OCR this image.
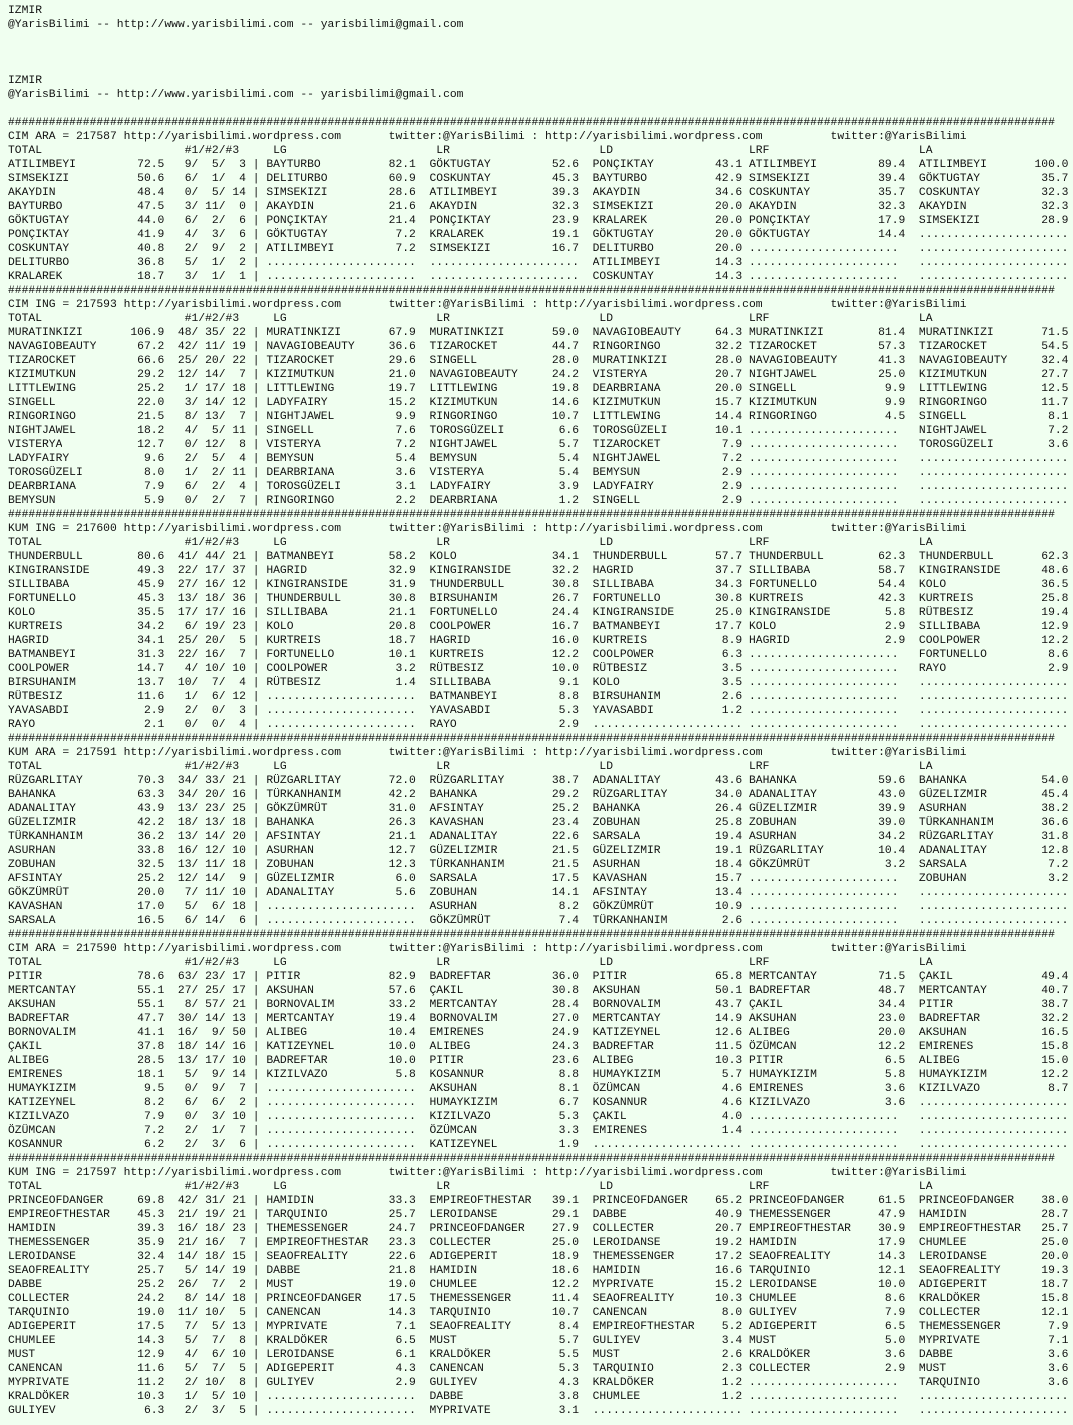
IZMIR
@YarisBilimi -- http://www.yarisbilimi.com -- yarisbilimi@gmail.com
IZMIR
@YarisBilimi -- http://www.yarisbilimi.com -- yarisbilimi@gmail.com
##########################################################################################################################################################
CIM ARA = 217587 http://yarisbilimi.wordpress.com	twitter:@YarisBilimi : http://yarisbilimi.wordpress.com	twitter:@YarisBilimi
TOTAL	#1/#2/#3	LG	LR	LD	LRF	LA
ATILIMBEYI	72.5	9 /	5 /	3 | BAYTURBO	82.1 GÖKTUGTAY	52.6 PONÇIKTAY	43.1 ATILIMBEYI	89.4 ATILIMBEYI	100.0
SIMSEKIZI	50.6	6 /	1 /	4 | DELITURBO	60.9 COSKUNTAY	45.3 BAYTURBO	42.9 SIMSEKIZI	39.4 GÖKTUGTAY	35.7
AKAYDIN	48.4	0 /	5 / 14 | SIMSEKIZI	28.6 ATILIMBEYI	39.3 AKAYDIN	34.6 COSKUNTAY	35.7 COSKUNTAY	32.3
BAYTURBO	47.5	3 / 11 /	0 | AKAYDIN	21.6 AKAYDIN	32.3 SIMSEKIZI	20.0 AKAYDIN	32.3 AKAYDIN	32.3
GÖKTUGTAY	44.0	6 /	2 /	6 | PONÇIKTAY	21.4 PONÇIKTAY	23.9 KRALAREK	20.0 PONÇIKTAY	17.9 SIMSEKIZI	28.9
PONÇIKTAY	41.9	4 /	3 /	6 | GÖKTUGTAY	7.2 KRALAREK	19.1 GÖKTUGTAY	20.0 GÖKTUGTAY	14.4 ......................
COSKUNTAY	40.8	2 /	9 /	2 | ATILIMBEYI	7.2 SIMSEKIZI	16.7 DELITURBO	20.0 ......................	......................
DELITURBO	36.8	5 /	1 /	2 | ...................... ...................... ATILIMBEYI	14.3 ......................	......................
KRALAREK	18.7	3 /	1 /	1 | ...................... ...................... COSKUNTAY	14.3 ......................	......................
##########################################################################################################################################################
CIM ING = 217593 http://yarisbilimi.wordpress.com	twitter:@YarisBilimi : http://yarisbilimi.wordpress.com	twitter:@YarisBilimi
TOTAL	#1/#2/#3	LG	LR	LD	LRF	LA
MURATINKIZI	106.9	48 / 35 / 22 | MURATINKIZI	67.9 MURATINKIZI	59.0 NAVAGIOBEAUTY	64.3 MURATINKIZI	81.4 MURATINKIZI	71.5
NAVAGIOBEAUTY	67.2	42 / 11 / 19 | NAVAGIOBEAUTY	36.6 TIZAROCKET	44.7 RINGORINGO	32.2 TIZAROCKET	57.3 TIZAROCKET	54.5
TIZAROCKET	66.6	25 / 20 / 22 | TIZAROCKET	29.6 SINGELL	28.0 MURATINKIZI	28.0 NAVAGIOBEAUTY	41.3 NAVAGIOBEAUTY	32.4
KIZIMUTKUN	29.2	12 / 14 /	7 | KIZIMUTKUN	21.0 NAVAGIOBEAUTY	24.2 VISTERYA	20.7 NIGHTJAWEL	25.0 KIZIMUTKUN	27.7
LITTLEWING	25.2	1 / 17 / 18 | LITTLEWING	19.7 LITTLEWING	19.8 DEARBRIANA	20.0 SINGELL	9.9 LITTLEWING	12.5
SINGELL	22.0	3 / 14 / 12 | LADYFAIRY	15.2 KIZIMUTKUN	14.6 KIZIMUTKUN	15.7 KIZIMUTKUN	9.9 RINGORINGO	11.7
RINGORINGO	21.5	8 / 13 /	7 | NIGHTJAWEL	9.9 RINGORINGO	10.7 LITTLEWING	14.4 RINGORINGO	4.5 SINGELL	8.1
NIGHTJAWEL	18.2	4 /	5 / 11 | SINGELL	7.6 TOROSGÜZELI	6.6 TOROSGÜZELI	10.1 ......................	NIGHTJAWEL	7.2
VISTERYA	12.7	0 / 12 /	8 | VISTERYA	7.2 NIGHTJAWEL	5.7 TIZAROCKET	7.9 ......................	TOROSGÜZELI	3.6
LADYFAIRY	9.6	2 /	5 /	4 | BEMYSUN	5.4 BEMYSUN	5.4 NIGHTJAWEL	7.2 ......................	......................
TOROSGÜZELI	8.0	1 /	2 / 11 | DEARBRIANA	3.6 VISTERYA	5.4 BEMYSUN	2.9 ......................	......................
DEARBRIANA	7.9	6 /	2 /	4 | TOROSGÜZELI	3.1 LADYFAIRY	3.9 LADYFAIRY	2.9 ......................	......................
BEMYSUN	5.9	0 /	2 /	7 | RINGORINGO	2.2 DEARBRIANA	1.2 SINGELL	2.9 ......................	......................
##########################################################################################################################################################
KUM ING = 217600 http://yarisbilimi.wordpress.com	twitter:@YarisBilimi : http://yarisbilimi.wordpress.com	twitter:@YarisBilimi
TOTAL	#1/#2/#3	LG	LR	LD	LRF	LA
THUNDERBULL	80.6	41 / 44 / 21 | BATMANBEYI	58.2 KOLO	34.1 THUNDERBULL	57.7 THUNDERBULL	62.3 THUNDERBULL	62.3
KINGIRANSIDE	49.3	22 / 17 / 37 | HAGRID	32.9 KINGIRANSIDE	32.2 HAGRID	37.7 SILLIBABA	58.7 KINGIRANSIDE	48.6
SILLIBABA	45.9	27 / 16 / 12 | KINGIRANSIDE	31.9 THUNDERBULL	30.8 SILLIBABA	34.3 FORTUNELLO	54.4 KOLO	36.5
FORTUNELLO	45.3	13 / 18 / 36 | THUNDERBULL	30.8 BIRSUHANIM	26.7 FORTUNELLO	30.8 KURTREIS	42.3 KURTREIS	25.8
KOLO	35.5	17 / 17 / 16 | SILLIBABA	21.1 FORTUNELLO	24.4 KINGIRANSIDE	25.0 KINGIRANSIDE	5.8 RÜTBESIZ	19.4
KURTREIS	34.2	6 / 19 / 23 | KOLO	20.8 COOLPOWER	16.7 BATMANBEYI	17.7 KOLO	2.9 SILLIBABA	12.9
HAGRID	34.1	25 / 20 /	5 | KURTREIS	18.7 HAGRID	16.0 KURTREIS	8.9 HAGRID	2.9 COOLPOWER	12.2
BATMANBEYI	31.3	22 / 16 /	7 | FORTUNELLO	10.1 KURTREIS	12.2 COOLPOWER	6.3 ......................	FORTUNELLO	8.6
COOLPOWER	14.7	4 / 10 / 10 | COOLPOWER	3.2 RÜTBESIZ	10.0 RÜTBESIZ	3.5 ......................	RAYO	2.9
BIRSUHANIM	13.7	10 /	7 /	4 | RÜTBESIZ	1.4 SILLIBABA	9.1 KOLO	3.5 ......................	......................
RÜTBESIZ	11.6	1 /	6 / 12 | ...................... BATMANBEYI	8.8 BIRSUHANIM	2.6 ......................	......................
YAVASABDI	2.9	2 /	0 /	3 | ...................... YAVASABDI	5.3 YAVASABDI	1.2 ......................	......................
RAYO	2.1	0 /	0 /	4 | ...................... RAYO	2.9 ...................... ......................	......................
##########################################################################################################################################################
KUM ARA = 217591 http://yarisbilimi.wordpress.com	twitter:@YarisBilimi : http://yarisbilimi.wordpress.com	twitter:@YarisBilimi
TOTAL	#1/#2/#3	LG	LR	LD	LRF	LA
RÜZGARLITAY	70.3	34 / 33 / 21 | RÜZGARLITAY	72.0 RÜZGARLITAY	38.7 ADANALITAY	43.6 BAHANKA	59.6 BAHANKA	54.0
BAHANKA	63.3	34 / 20 / 16 | TÜRKANHANIM	42.2 BAHANKA	29.2 RÜZGARLITAY	34.0 ADANALITAY	43.0 GÜZELIZMIR	45.4
ADANALITAY	43.9	13 / 23 / 25 | GÖKZÜMRÜT	31.0 AFSINTAY	25.2 BAHANKA	26.4 GÜZELIZMIR	39.9 ASURHAN	38.2
GÜZELIZMIR	42.2	18 / 13 / 18 | BAHANKA	26.3 KAVASHAN	23.4 ZOBUHAN	25.8 ZOBUHAN	39.0 TÜRKANHANIM	36.6
TÜRKANHANIM	36.2	13 / 14 / 20 | AFSINTAY	21.1 ADANALITAY	22.6 SARSALA	19.4 ASURHAN	34.2 RÜZGARLITAY	31.8
ASURHAN	33.8	16 / 12 / 10 | ASURHAN	12.7 GÜZELIZMIR	21.5 GÜZELIZMIR	19.1 RÜZGARLITAY	10.4 ADANALITAY	12.8
ZOBUHAN	32.5	13 / 11 / 18 | ZOBUHAN	12.3 TÜRKANHANIM	21.5 ASURHAN	18.4 GÖKZÜMRÜT	3.2 SARSALA	7.2
AFSINTAY	25.2	12 / 14 /	9 | GÜZELIZMIR	6.0 SARSALA	17.5 KAVASHAN	15.7 ......................	ZOBUHAN	3.2
GÖKZÜMRÜT	20.0	7 / 11 / 10 | ADANALITAY	5.6 ZOBUHAN	14.1 AFSINTAY	13.4 ......................	......................
KAVASHAN	17.0	5 /	6 / 18 | ...................... ASURHAN	8.2 GÖKZÜMRÜT	10.9 ......................	......................
SARSALA	16.5	6 / 14 /	6 | ...................... GÖKZÜMRÜT	7.4 TÜRKANHANIM	2.6 ......................	......................
##########################################################################################################################################################
CIM ARA = 217590 http://yarisbilimi.wordpress.com	twitter:@YarisBilimi : http://yarisbilimi.wordpress.com	twitter:@YarisBilimi
TOTAL	#1/#2/#3	LG	LR	LD	LRF	LA
PITIR	78.6	63 / 23 / 17 | PITIR	82.9 BADREFTAR	36.0 PITIR	65.8 MERTCANTAY	71.5 ÇAKIL	49.4
MERTCANTAY	55.1	27 / 25 / 17 | AKSUHAN	57.6 ÇAKIL	30.8 AKSUHAN	50.1 BADREFTAR	48.7 MERTCANTAY	40.7
AKSUHAN	55.1	8 / 57 / 21 | BORNOVALIM	33.2 MERTCANTAY	28.4 BORNOVALIM	43.7 ÇAKIL	34.4 PITIR	38.7
BADREFTAR	47.7	30 / 14 / 13 | MERTCANTAY	19.4 BORNOVALIM	27.0 MERTCANTAY	14.9 AKSUHAN	23.0 BADREFTAR	32.2
BORNOVALIM	41.1	16 /	9 / 50 | ALIBEG	10.4 EMIRENES	24.9 KATIZEYNEL	12.6 ALIBEG	20.0 AKSUHAN	16.5
ÇAKIL	37.8	18 / 14 / 16 | KATIZEYNEL	10.0 ALIBEG	24.3 BADREFTAR	11.5 ÖZÜMCAN	12.2 EMIRENES	15.8
ALIBEG	28.5	13 / 17 / 10 | BADREFTAR	10.0 PITIR	23.6 ALIBEG	10.3 PITIR	6.5 ALIBEG	15.0
EMIRENES	18.1	5 /	9 / 14 | KIZILVAZO	5.8 KOSANNUR	8.8 HUMAYKIZIM	5.7 HUMAYKIZIM	5.8 HUMAYKIZIM	12.2
HUMAYKIZIM	9.5	0 /	9 /	7 | ...................... AKSUHAN	8.1 ÖZÜMCAN	4.6 EMIRENES	3.6 KIZILVAZO	8.7
KATIZEYNEL	8.2	6 /	6 /	2 | ...................... HUMAYKIZIM	6.7 KOSANNUR	4.6 KIZILVAZO	3.6 ......................
KIZILVAZO	7.9	0 /	3 / 10 | ...................... KIZILVAZO	5.3 ÇAKIL	4.0 ......................	......................
ÖZÜMCAN	7.2	2 /	1 /	7 | ...................... ÖZÜMCAN	3.3 EMIRENES	1.4 ......................	......................
KOSANNUR	6.2	2 /	3 /	6 | ...................... KATIZEYNEL	1.9 ...................... ......................	......................
##########################################################################################################################################################
KUM ING = 217597 http://yarisbilimi.wordpress.com	twitter:@YarisBilimi : http://yarisbilimi.wordpress.com	twitter:@YarisBilimi
TOTAL	#1/#2/#3	LG	LR	LD	LRF	LA
PRINCEOFDANGER	69.8	42 / 31 / 21 | HAMIDIN	33.3 EMPIREOFTHESTAR	39.1 PRINCEOFDANGER	65.2 PRINCEOFDANGER	61.5 PRINCEOFDANGER	38.0
EMPIREOFTHESTAR	45.3	21 / 19 / 21 | TARQUINIO	25.7 LEROIDANSE	29.1 DABBE	40.9 THEMESSENGER	47.9 HAMIDIN	28.7
HAMIDIN	39.3	16 / 18 / 23 | THEMESSENGER	24.7 PRINCEOFDANGER	27.9 COLLECTER	20.7 EMPIREOFTHESTAR	30.9 EMPIREOFTHESTAR	25.7
THEMESSENGER	35.9	21 / 16 /	7 | EMPIREOFTHESTAR	23.3 COLLECTER	25.0 LEROIDANSE	19.2 HAMIDIN	17.9 CHUMLEE	25.0
LEROIDANSE	32.4	14 / 18 / 15 | SEAOFREALITY	22.6 ADIGEPERIT	18.9 THEMESSENGER	17.2 SEAOFREALITY	14.3 LEROIDANSE	20.0
SEAOFREALITY	25.7	5 / 14 / 19 | DABBE	21.8 HAMIDIN	18.6 HAMIDIN	16.6 TARQUINIO	12.1 SEAOFREALITY	19.3
DABBE	25.2	26 /	7 /	2 | MUST	19.0 CHUMLEE	12.2 MYPRIVATE	15.2 LEROIDANSE	10.0 ADIGEPERIT	18.7
COLLECTER	24.2	8 / 14 / 18 | PRINCEOFDANGER	17.5 THEMESSENGER	11.4 SEAOFREALITY	10.3 CHUMLEE	8.6 KRALDÖKER	15.8
TARQUINIO	19.0	11 / 10 /	5 | CANENCAN	14.3 TARQUINIO	10.7 CANENCAN	8.0 GULIYEV	7.9 COLLECTER	12.1
ADIGEPERIT	17.5	7 /	5 / 13 | MYPRIVATE	7.1 SEAOFREALITY	8.4 EMPIREOFTHESTAR	5.2 ADIGEPERIT	6.5 THEMESSENGER	7.9
CHUMLEE	14.3	5 /	7 /	8 | KRALDÖKER	6.5 MUST	5.7 GULIYEV	3.4 MUST	5.0 MYPRIVATE	7.1
MUST	12.9	4 /	6 / 10 | LEROIDANSE	6.1 KRALDÖKER	5.5 MUST	2.6 KRALDÖKER	3.6 DABBE	3.6
CANENCAN	11.6	5 /	7 /	5 | ADIGEPERIT	4.3 CANENCAN	5.3 TARQUINIO	2.3 COLLECTER	2.9 MUST	3.6
MYPRIVATE	11.2	2 / 10 /	8 | GULIYEV	2.9 GULIYEV	4.3 KRALDÖKER	1.2 ......................	TARQUINIO	3.6
KRALDÖKER	10.3	1 /	5 / 10 | ...................... DABBE	3.8 CHUMLEE	1.2 ......................	......................
GULIYEV	6.3	2 /	3 /	5 | ...................... MYPRIVATE	3.1 ...................... ......................	......................
